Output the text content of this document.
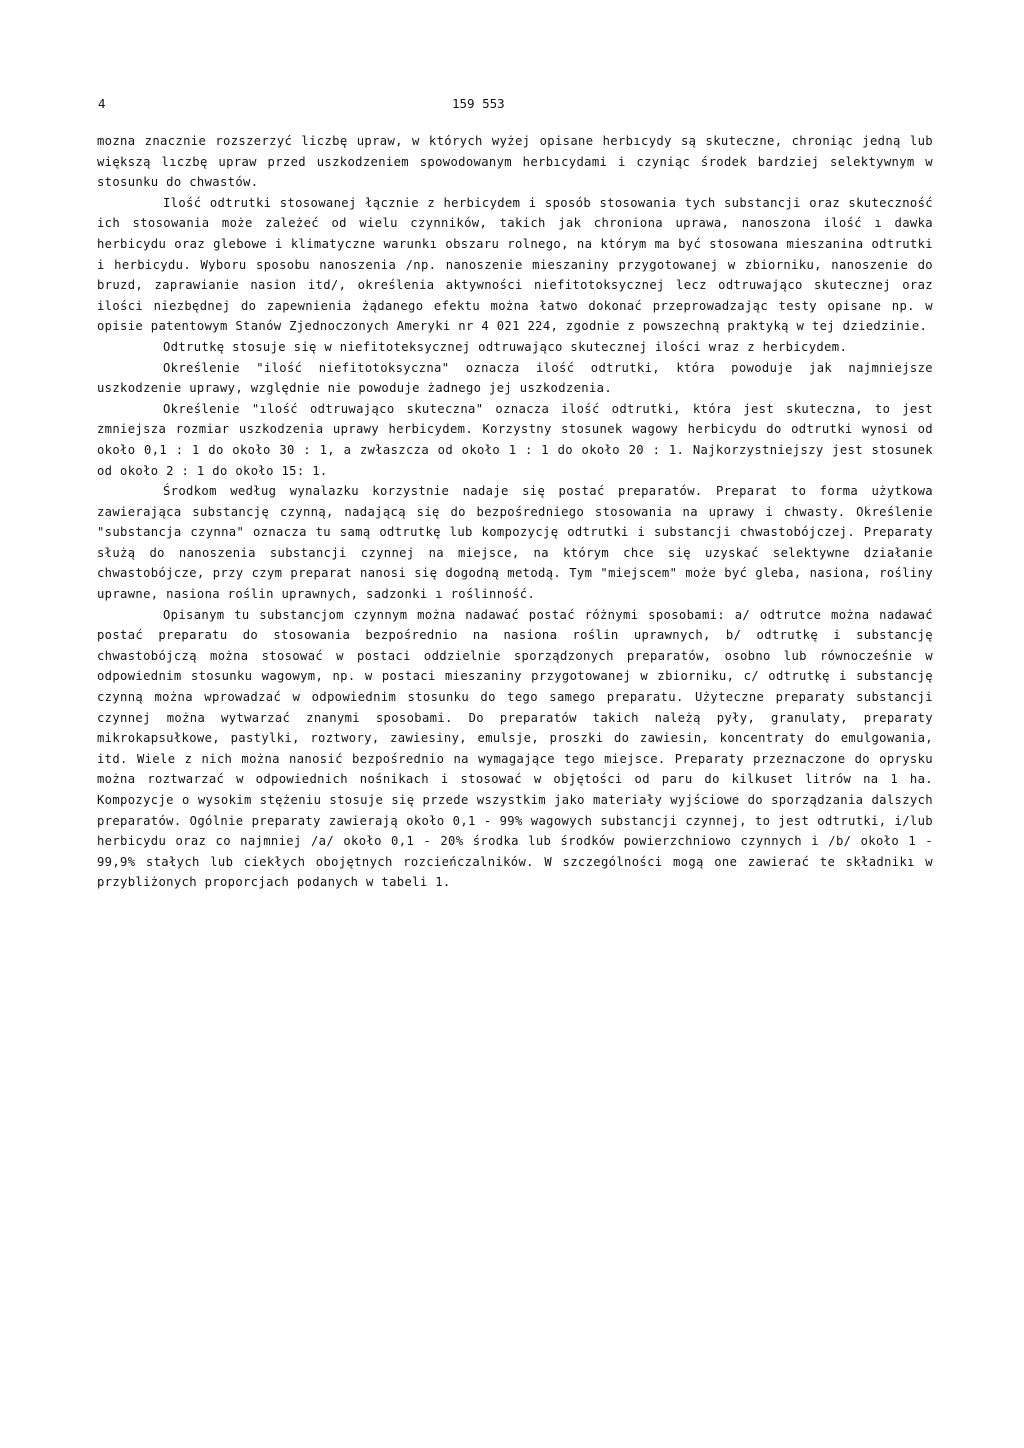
4	159 553

mozna znacznie rozszerzyć liczbę upraw, w których wyżej opisane herbıcydy są skuteczne, chroniąc jedną lub większą lıczbę upraw przed uszkodzeniem spowodowanym herbıcydami i czyniąc środek bardziej selektywnym w stosunku do chwastów.

Ilość odtrutki stosowanej łącznie z herbicydem i sposób stosowania tych substancji oraz skuteczność ich stosowania może zależeć od wielu czynników, takich jak chroniona uprawa, nanoszona ilość ı dawka herbicydu oraz glebowe i klimatyczne warunkı obszaru rolnego, na którym ma być stosowana mieszanina odtrutki i herbicydu. Wyboru sposobu nanoszenia /np. nanoszenie mieszaniny przygotowanej w zbiorniku, nanoszenie do bruzd, zaprawianie nasion itd/, określenia aktywności niefitotoksycznej lecz odtruwająco skutecznej oraz ilości niezbędnej do zapewnienia żądanego efektu można łatwo dokonać przeprowadzając testy opisane np. w opisie patentowym Stanów Zjednoczonych Ameryki nr 4 021 224, zgodnie z powszechną praktyką w tej dziedzinie.

Odtrutkę stosuje się w niefitoteksycznej odtruwająco skutecznej ilości wraz z herbicydem.

Określenie "ilość niefitotoksyczna" oznacza ilość odtrutki, która powoduje jak najmniejsze uszkodzenie uprawy, względnie nie powoduje żadnego jej uszkodzenia.

Określenie "ılość odtruwająco skuteczna" oznacza ilość odtrutki, która jest skuteczna, to jest zmniejsza rozmiar uszkodzenia uprawy herbicydem. Korzystny stosunek wagowy herbicydu do odtrutki wynosi od około 0,1 : 1 do około 30 : 1, a zwłaszcza od około 1 : 1 do około 20 : 1. Najkorzystniejszy jest stosunek od około 2 : 1 do około 15: 1.

Środkom według wynalazku korzystnie nadaje się postać preparatów. Preparat to forma użytkowa zawierająca substancję czynną, nadającą się do bezpośredniego stosowania na uprawy i chwasty. Określenie "substancja czynna" oznacza tu samą odtrutkę lub kompozycję odtrutki i substancji chwastobójczej. Preparaty służą do nanoszenia substancji czynnej na miejsce, na którym chce się uzyskać selektywne działanie chwastobójcze, przy czym preparat nanosi się dogodną metodą. Tym "miejscem" może być gleba, nasiona, rośliny uprawne, nasiona roślin uprawnych, sadzonki ı roślinność.

Opisanym tu substancjom czynnym można nadawać postać różnymi sposobami: a/ odtrutce można nadawać postać preparatu do stosowania bezpośrednio na nasiona roślin uprawnych, b/ odtrutkę i substancję chwastobójczą można stosować w postaci oddzielnie sporządzonych preparatów, osobno lub równocześnie w odpowiednim stosunku wagowym, np. w postaci mieszaniny przygotowanej w zbiorniku, c/ odtrutkę i substancję czynną można wprowadzać w odpowiednim stosunku do tego samego preparatu. Użyteczne preparaty substancji czynnej można wytwarzać znanymi sposobami. Do preparatów takich należą pyły, granulaty, preparaty mikrokapsułkowe, pastylki, roztwory, zawiesiny, emulsje, proszki do zawiesin, koncentraty do emulgowania, itd. Wiele z nich można nanosić bezpośrednio na wymagające tego miejsce. Preparaty przeznaczone do oprysku można roztwarzać w odpowiednich nośnikach i stosować w objętości od paru do kilkuset litrów na 1 ha. Kompozycje o wysokim stężeniu stosuje się przede wszystkim jako materiały wyjściowe do sporządzania dalszych preparatów. Ogólnie preparaty zawierają około 0,1 - 99% wagowych substancji czynnej, to jest odtrutki, i/lub herbicydu oraz co najmniej /a/ około 0,1 - 20% środka lub środków powierzchniowo czynnych i /b/ około 1 - 99,9% stałych lub ciekłych obojętnych rozcieńczalników. W szczególności mogą one zawierać te składnikı w przybliżonych proporcjach podanych w tabeli 1.
